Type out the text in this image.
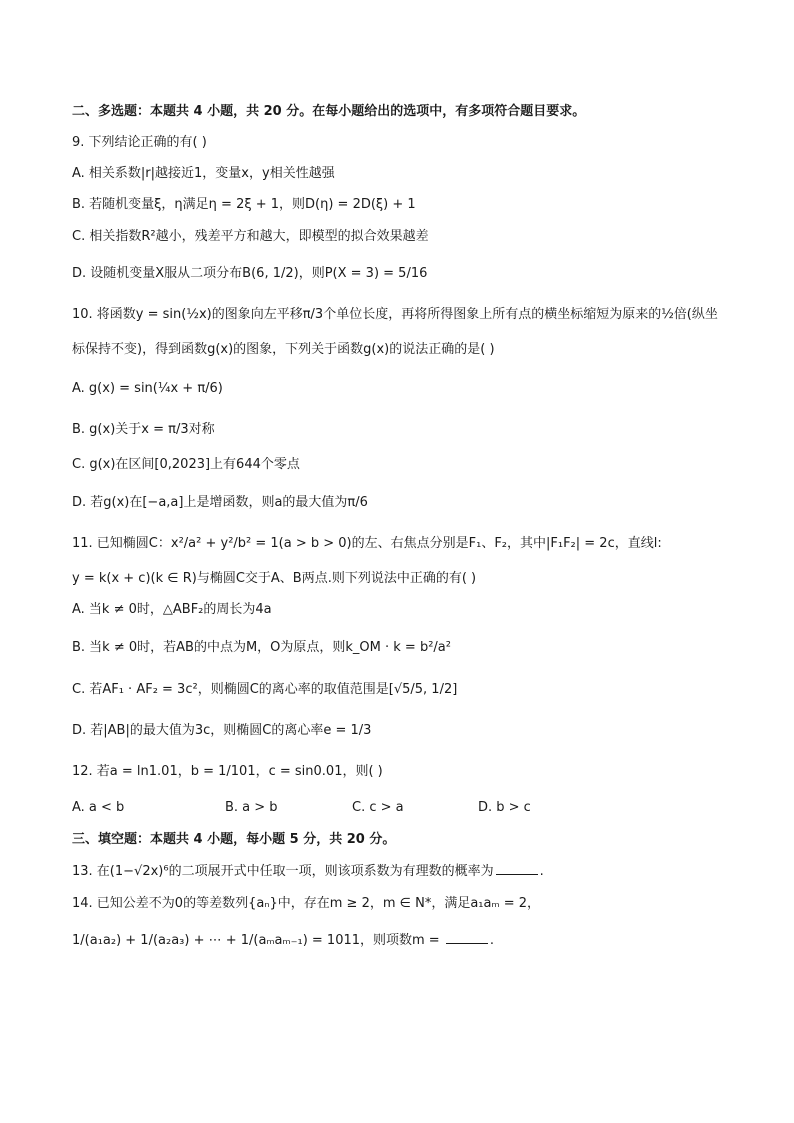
二、多选题：本题共 4 小题，共 20 分。在每小题给出的选项中，有多项符合题目要求。
9. 下列结论正确的有( )
A. 相关系数|r|越接近1，变量x，y相关性越强
B. 若随机变量ξ，η满足η = 2ξ + 1，则D(η) = 2D(ξ) + 1
C. 相关指数R²越小，残差平方和越大，即模型的拟合效果越差
D. 设随机变量X服从二项分布B(6, 1/2)，则P(X = 3) = 5/16
10. 将函数y = sin(½x)的图象向左平移π/3个单位长度，再将所得图象上所有点的横坐标缩短为原来的½倍(纵坐
标保持不变)，得到函数g(x)的图象，下列关于函数g(x)的说法正确的是( )
A. g(x) = sin(¼x + π/6)
B. g(x)关于x = π/3对称
C. g(x)在区间[0,2023]上有644个零点
D. 若g(x)在[−a,a]上是增函数，则a的最大值为π/6
11. 已知椭圆C：x²/a² + y²/b² = 1(a > b > 0)的左、右焦点分别是F₁、F₂，其中|F₁F₂| = 2c，直线l:
y = k(x + c)(k ∈ R)与椭圆C交于A、B两点.则下列说法中正确的有( )
A. 当k ≠ 0时，△ABF₂的周长为4a
B. 当k ≠ 0时，若AB的中点为M，O为原点，则k_OM · k = b²/a²
C. 若AF₁ · AF₂ = 3c²，则椭圆C的离心率的取值范围是[√5/5, 1/2]
D. 若|AB|的最大值为3c，则椭圆C的离心率e = 1/3
12. 若a = ln1.01，b = 1/101，c = sin0.01，则( )
A. a < b	B. a > b	C. c > a	D. b > c
三、填空题：本题共 4 小题，每小题 5 分，共 20 分。
13. 在(1−√2x)⁶的二项展开式中任取一项，则该项系数为有理数的概率为	.
14. 已知公差不为0的等差数列{aₙ}中，存在m ≥ 2，m ∈ N*，满足a₁aₘ = 2，
1/(a₁a₂) + 1/(a₂a₃) + ⋯ + 1/(aₘaₘ₋₁) = 1011，则项数m =	.
